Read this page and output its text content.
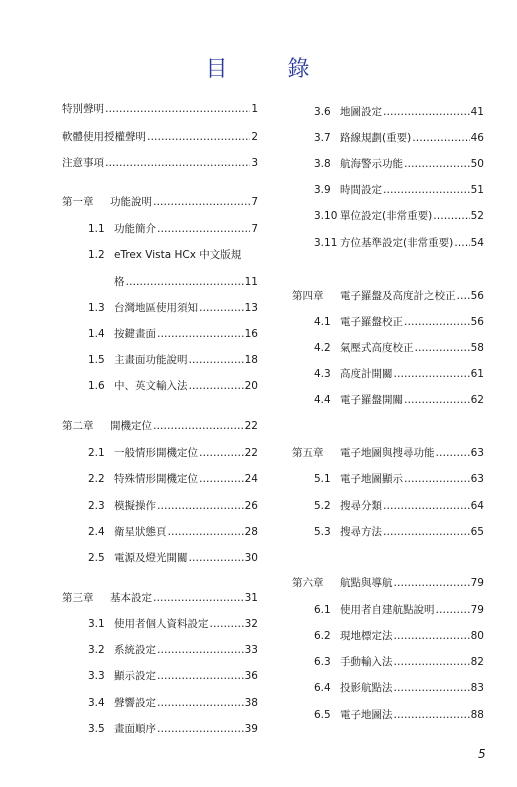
目	錄
特別聲明 …………………………………………………………………………………………	1
軟體使用授權聲明 …………………………………………………………………………………………	2
注意事項 …………………………………………………………………………………………	3
第一章	功能說明 …………………………………………………………………………………………	7
1.1 功能簡介 …………………………………………………………………………………………	7
1.2 eTrex Vista HCx 中文版規
格 …………………………………………………………………………………………	11
1.3 台灣地區使用須知 …………………………………………………………………………………………	13
1.4 按鍵畫面 …………………………………………………………………………………………	16
1.5 主畫面功能說明 …………………………………………………………………………………………	18
1.6 中、英文輸入法 …………………………………………………………………………………………	20
第二章	開機定位 …………………………………………………………………………………………	22
2.1 一般情形開機定位 …………………………………………………………………………………………	22
2.2 特殊情形開機定位 …………………………………………………………………………………………	24
2.3 模擬操作 …………………………………………………………………………………………	26
2.4 衛星狀態頁 …………………………………………………………………………………………	28
2.5 電源及燈光開關 …………………………………………………………………………………………	30
第三章	基本設定 …………………………………………………………………………………………	31
3.1 使用者個人資料設定 …………………………………………………………………………………………	32
3.2 系統設定 …………………………………………………………………………………………	33
3.3 顯示設定 …………………………………………………………………………………………	36
3.4 聲響設定 …………………………………………………………………………………………	38
3.5 畫面順序 …………………………………………………………………………………………	39
3.6 地圖設定 …………………………………………………………………………………………	41
3.7 路線規劃(重要) …………………………………………………………………………………………	46
3.8 航海警示功能 …………………………………………………………………………………………	50
3.9 時間設定 …………………………………………………………………………………………	51
3.10 單位設定(非常重要) …………………………………………………………………………………………	52
3.11 方位基準設定(非常重要) ………………………………………………………………………………………… 54
第四章	電子羅盤及高度計之校正 ………………………………………………………………………………………… 56
4.1 電子羅盤校正 …………………………………………………………………………………………	56
4.2 氣壓式高度校正 …………………………………………………………………………………………	58
4.3 高度計開關 …………………………………………………………………………………………	61
4.4 電子羅盤開關 …………………………………………………………………………………………	62
第五章	電子地圖與搜尋功能 …………………………………………………………………………………………	63
5.1 電子地圖顯示 …………………………………………………………………………………………	63
5.2 搜尋分類 …………………………………………………………………………………………	64
5.3 搜尋方法 …………………………………………………………………………………………	65
第六章	航點與導航 …………………………………………………………………………………………	79
6.1 使用者自建航點說明 …………………………………………………………………………………………	79
6.2 現地標定法 …………………………………………………………………………………………	80
6.3 手動輸入法 …………………………………………………………………………………………	82
6.4 投影航點法 …………………………………………………………………………………………	83
6.5 電子地圖法 …………………………………………………………………………………………	88
5
